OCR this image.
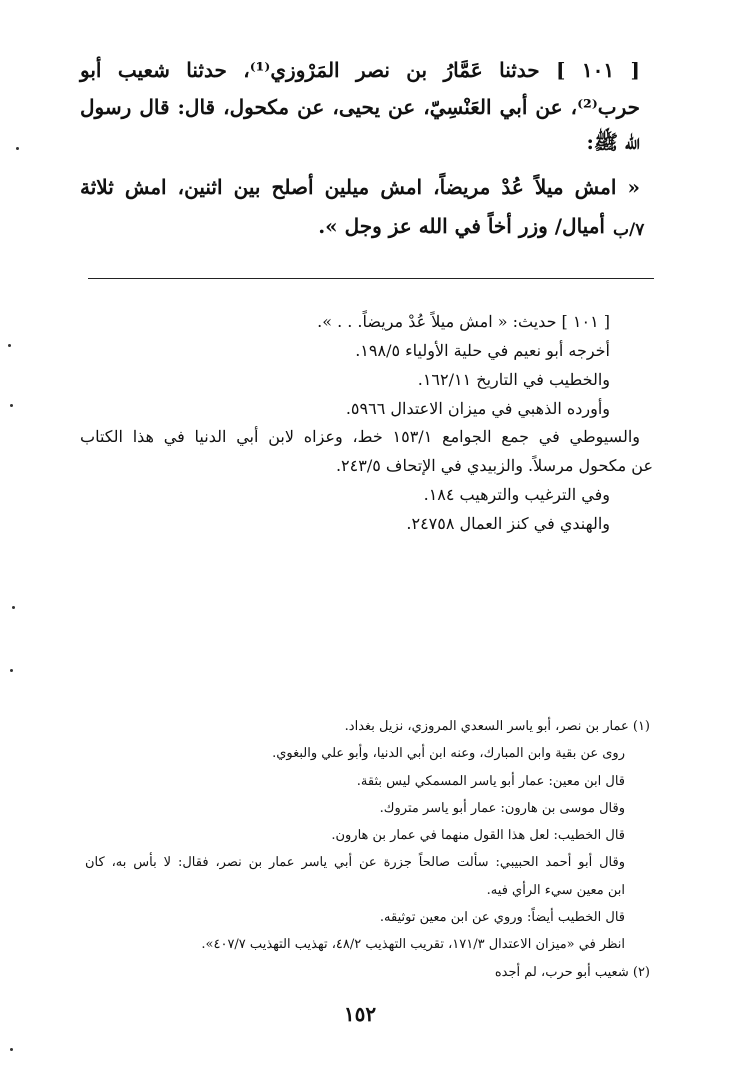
[ ١٠١ ] حدثنا عَمَّارُ بن نصر المَرْوزي⁽¹⁾، حدثنا شعيب أبو
حرب⁽²⁾، عن أبي العَنْسِيّ، عن يحيى، عن مكحول، قال: قال رسول
الله ﷺ:
« امش ميلاً عُدْ مريضاً، امش ميلين أصلح بين اثنين، امش ثلاثة
أميال/ وزر أخاً في الله عز وجل ». ٧/ب
[ ١٠١ ] حديث: « امش ميلاً عُدْ مريضاً. . . ».
أخرجه أبو نعيم في حلية الأولياء ١٩٨/٥.
والخطيب في التاريخ ١٦٢/١١.
وأورده الذهبي في ميزان الاعتدال ٥٩٦٦.
والسيوطي في جمع الجوامع ١٥٣/١ خط، وعزاه لابن أبي الدنيا في هذا الكتاب
عن مكحول مرسلاً. والزبيدي في الإتحاف ٢٤٣/٥.
وفي الترغيب والترهيب ١٨٤.
والهندي في كنز العمال ٢٤٧٥٨.
(١) عمار بن نصر، أبو ياسر السعدي المروزي، نزيل بغداد.
روى عن بقية وابن المبارك، وعنه ابن أبي الدنيا، وأبو علي والبغوي.
قال ابن معين: عمار أبو ياسر المسمكي ليس بثقة.
وقال موسى بن هارون: عمار أبو ياسر متروك.
قال الخطيب: لعل هذا القول منهما في عمار بن هارون.
وقال أبو أحمد الحبيبي: سألت صالحاً جزرة عن أبي ياسر عمار بن نصر، فقال: لا بأس به، كان
ابن معين سيء الرأي فيه.
قال الخطيب أيضاً: وروي عن ابن معين توثيقه.
انظر في «ميزان الاعتدال ١٧١/٣، تقريب التهذيب ٤٨/٢، تهذيب التهذيب ٤٠٧/٧».
(٢) شعيب أبو حرب، لم أجده
١٥٢
